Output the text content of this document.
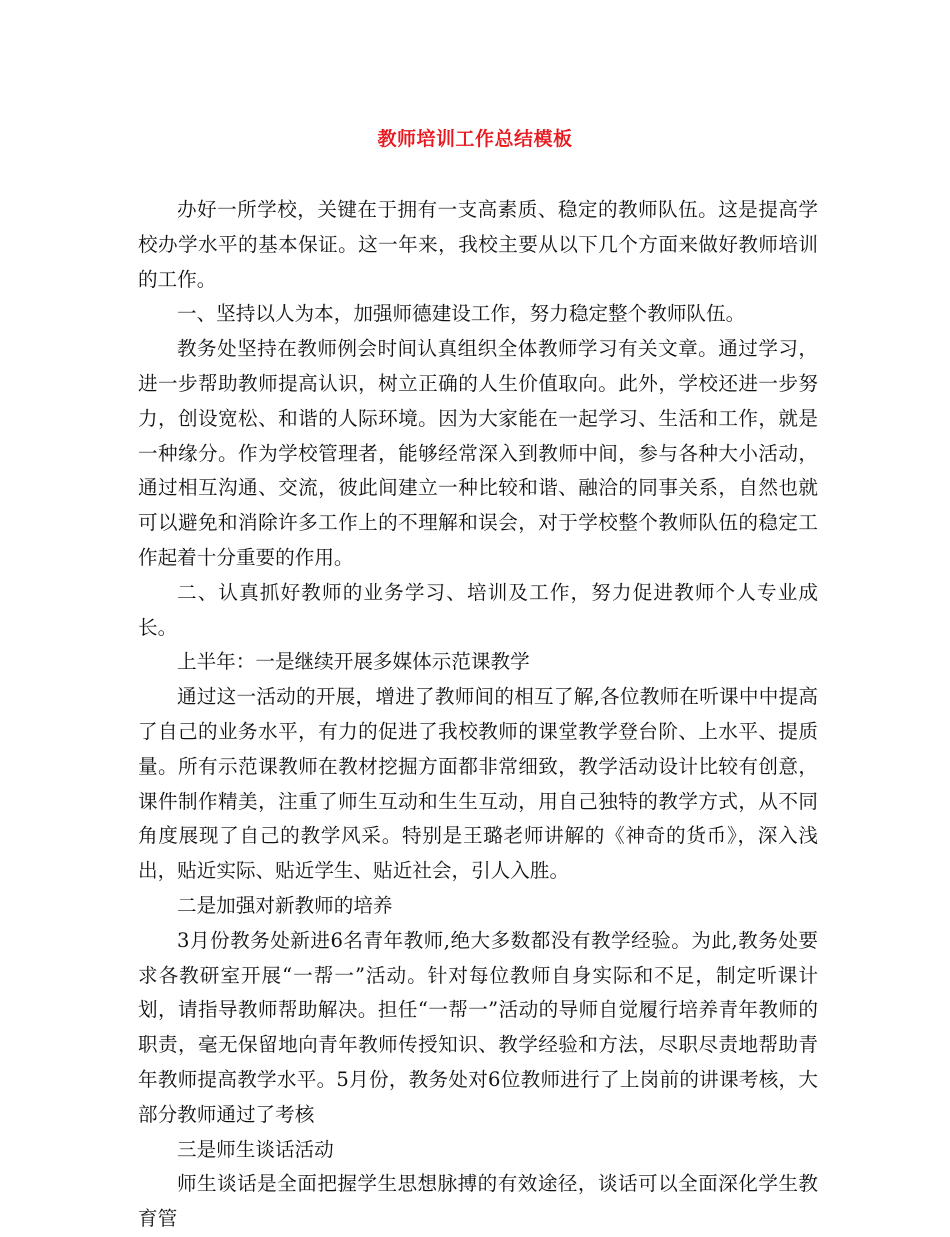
教师培训工作总结模板

办好一所学校，关键在于拥有一支高素质、稳定的教师队伍。这是提高学校办学水平的基本保证。这一年来，我校主要从以下几个方面来做好教师培训的工作。

一、坚持以人为本，加强师德建设工作，努力稳定整个教师队伍。

教务处坚持在教师例会时间认真组织全体教师学习有关文章。通过学习，进一步帮助教师提高认识，树立正确的人生价值取向。此外，学校还进一步努力，创设宽松、和谐的人际环境。因为大家能在一起学习、生活和工作，就是一种缘分。作为学校管理者，能够经常深入到教师中间，参与各种大小活动，通过相互沟通、交流，彼此间建立一种比较和谐、融洽的同事关系，自然也就可以避免和消除许多工作上的不理解和误会，对于学校整个教师队伍的稳定工作起着十分重要的作用。

二、认真抓好教师的业务学习、培训及工作，努力促进教师个人专业成长。

上半年：一是继续开展多媒体示范课教学

通过这一活动的开展，增进了教师间的相互了解,各位教师在听课中中提高了自己的业务水平，有力的促进了我校教师的课堂教学登台阶、上水平、提质量。所有示范课教师在教材挖掘方面都非常细致，教学活动设计比较有创意，课件制作精美，注重了师生互动和生生互动，用自己独特的教学方式，从不同角度展现了自己的教学风采。特别是王璐老师讲解的《神奇的货币》，深入浅出，贴近实际、贴近学生、贴近社会，引人入胜。

二是加强对新教师的培养

3月份教务处新进6名青年教师,绝大多数都没有教学经验。为此,教务处要求各教研室开展“一帮一”活动。针对每位教师自身实际和不足，制定听课计划，请指导教师帮助解决。担任“一帮一”活动的导师自觉履行培养青年教师的职责，毫无保留地向青年教师传授知识、教学经验和方法，尽职尽责地帮助青年教师提高教学水平。5月份，教务处对6位教师进行了上岗前的讲课考核，大部分教师通过了考核

三是师生谈话活动

师生谈话是全面把握学生思想脉搏的有效途径，谈话可以全面深化学生教育管
